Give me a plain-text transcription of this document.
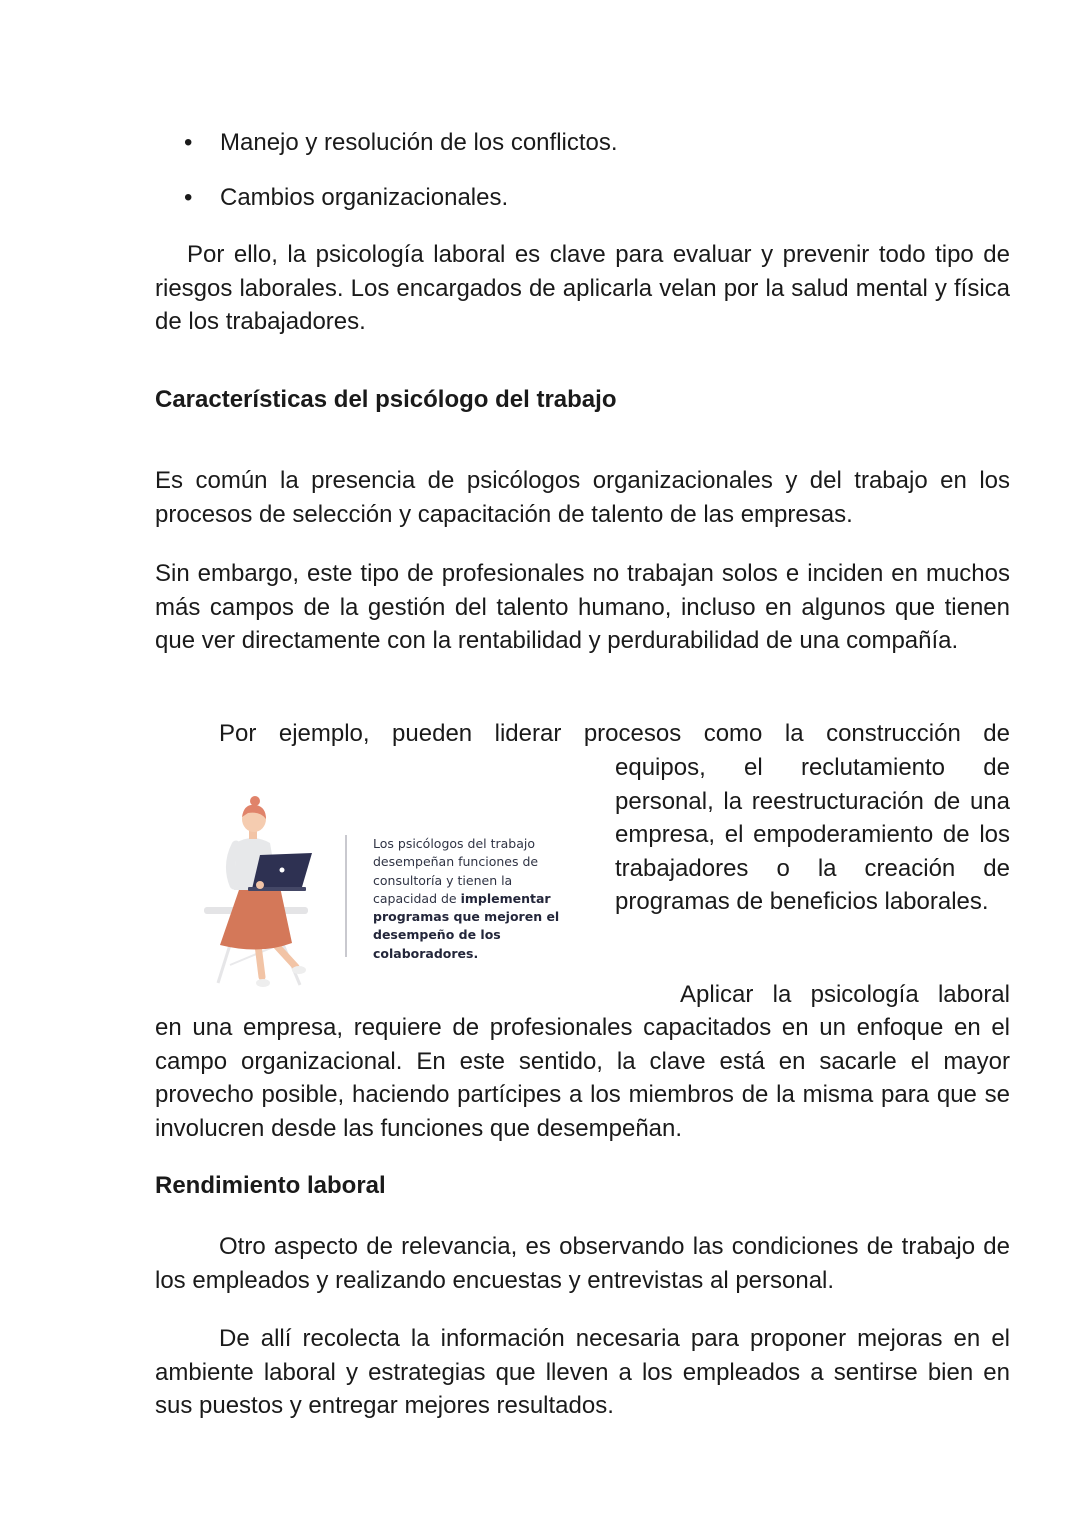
•	Manejo y resolución de los conflictos.
•	Cambios organizacionales.

Por ello, la psicología laboral es clave para evaluar y prevenir todo tipo de riesgos laborales. Los encargados de aplicarla velan por la salud mental y física de los trabajadores.

Características del psicólogo del trabajo

Es común la presencia de psicólogos organizacionales y del trabajo en los procesos de selección y capacitación de talento de las empresas.

Sin embargo, este tipo de profesionales no trabajan solos e inciden en muchos más campos de la gestión del talento humano, incluso en algunos que tienen que ver directamente con la rentabilidad y perdurabilidad de una compañía.

Por ejemplo, pueden liderar procesos como la construcción de

equipos, el reclutamiento de personal, la reestructuración de una empresa, el empoderamiento de los trabajadores o la creación de programas de beneficios laborales.

Los psicólogos del trabajo desempeñan funciones de consultoría y tienen la capacidad de implementar programas que mejoren el desempeño de los colaboradores.

Aplicar la psicología laboral

en una empresa, requiere de profesionales capacitados en un enfoque en el campo organizacional. En este sentido, la clave está en sacarle el mayor provecho posible, haciendo partícipes a los miembros de la misma para que se involucren desde las funciones que desempeñan.

Rendimiento laboral

Otro aspecto de relevancia, es observando las condiciones de trabajo de los empleados y realizando encuestas y entrevistas al personal.

De allí recolecta la información necesaria para proponer mejoras en el ambiente laboral y estrategias que lleven a los empleados a sentirse bien en sus puestos y entregar mejores resultados.
